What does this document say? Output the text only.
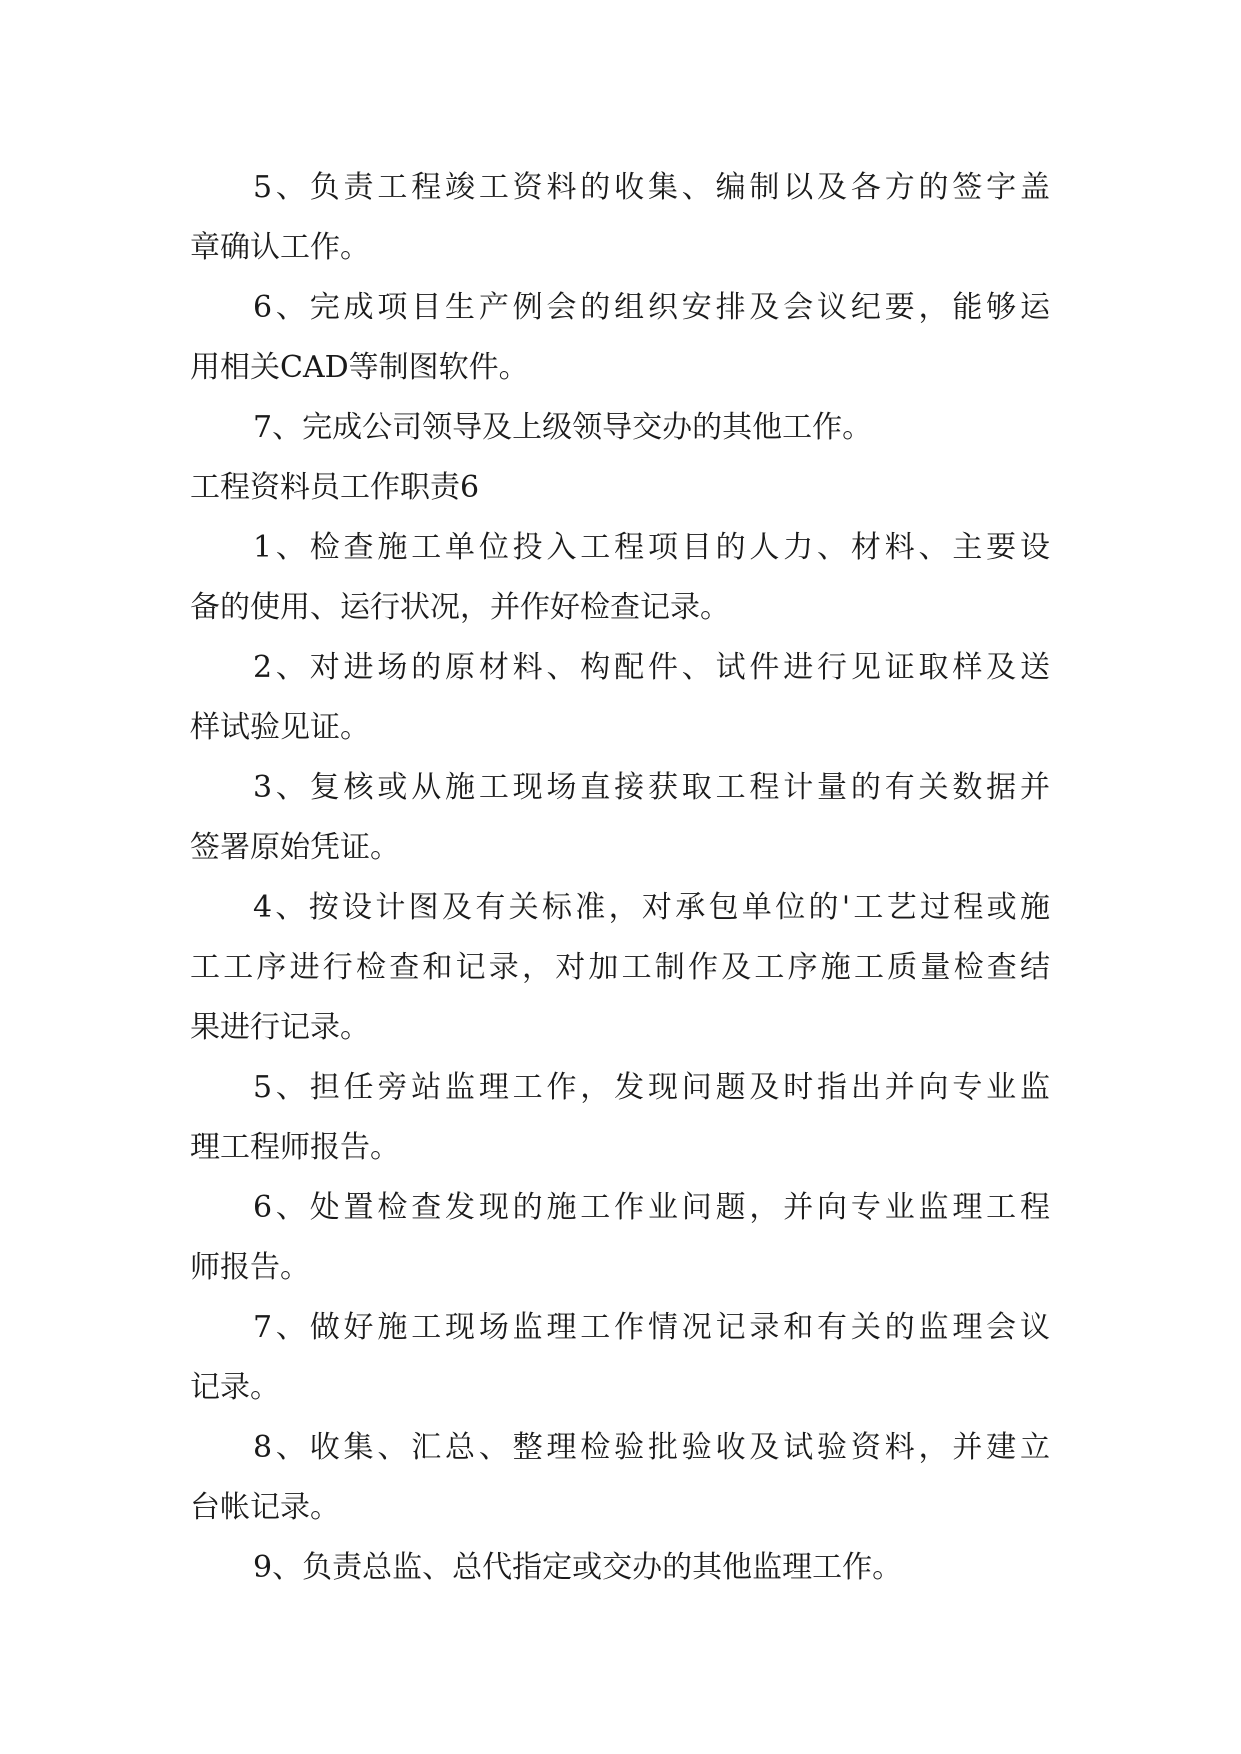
5、负责工程竣工资料的收集、编制以及各方的签字盖
章确认工作。
6、完成项目生产例会的组织安排及会议纪要，能够运
用相关CAD等制图软件。
7、完成公司领导及上级领导交办的其他工作。
工程资料员工作职责6
1、检查施工单位投入工程项目的人力、材料、主要设
备的使用、运行状况，并作好检查记录。
2、对进场的原材料、构配件、试件进行见证取样及送
样试验见证。
3、复核或从施工现场直接获取工程计量的有关数据并
签署原始凭证。
4、按设计图及有关标准，对承包单位的'工艺过程或施
工工序进行检查和记录，对加工制作及工序施工质量检查结
果进行记录。
5、担任旁站监理工作，发现问题及时指出并向专业监
理工程师报告。
6、处置检查发现的施工作业问题，并向专业监理工程
师报告。
7、做好施工现场监理工作情况记录和有关的监理会议
记录。
8、收集、汇总、整理检验批验收及试验资料，并建立
台帐记录。
9、负责总监、总代指定或交办的其他监理工作。
